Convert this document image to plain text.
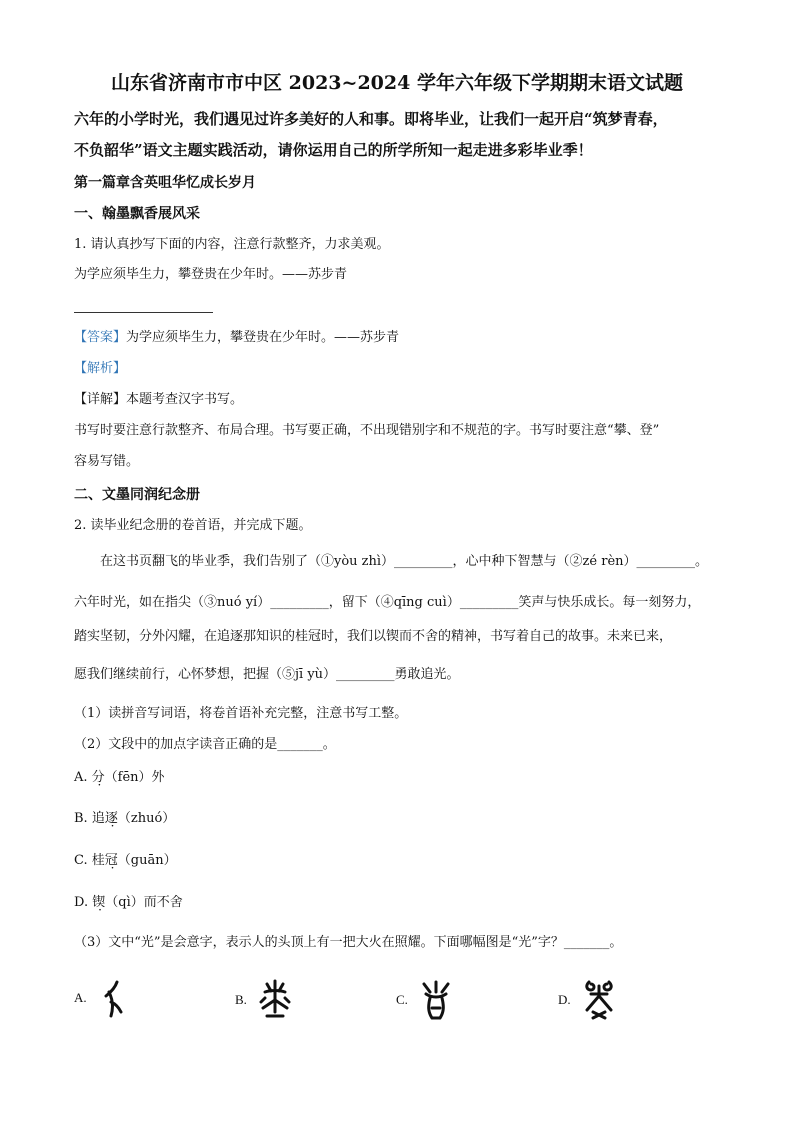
山东省济南市市中区 2023~2024 学年六年级下学期期末语文试题
六年的小学时光，我们遇见过许多美好的人和事。即将毕业，让我们一起开启“筑梦青春，
不负韶华”语文主题实践活动，请你运用自己的所学所知一起走进多彩毕业季！
第一篇章含英咀华忆成长岁月
一、翰墨飘香展风采
1. 请认真抄写下面的内容，注意行款整齐，力求美观。
为学应须毕生力，攀登贵在少年时。——苏步青
【答案】为学应须毕生力，攀登贵在少年时。——苏步青
【解析】
【详解】本题考查汉字书写。
书写时要注意行款整齐、布局合理。书写要正确，不出现错别字和不规范的字。书写时要注意“攀、登”
容易写错。
二、文墨同润纪念册
2. 读毕业纪念册的卷首语，并完成下题。
在这书页翻飞的毕业季，我们告别了（①yòu zhì）_________，心中种下智慧与（②zé rèn）_________。
六年时光，如在指尖（③nuó yí）_________，留下（④qīng cuì）_________笑声与快乐成长。每一刻努力，
踏实坚韧，分外闪耀，在追逐那知识的桂冠时，我们以锲而不舍的精神，书写着自己的故事。未来已来，
愿我们继续前行，心怀梦想，把握（⑤jī yù）_________勇敢追光。
（1）读拼音写词语，将卷首语补充完整，注意书写工整。
（2）文段中的加点字读音正确的是_______。
A. 分（fēn）外
B. 追逐（zhuó）
C. 桂冠（guān）
D. 锲（qì）而不舍
（3）文中“光”是会意字，表示人的头顶上有一把大火在照耀。下面哪幅图是“光”字？_______。
A.	B.	C.	D.
